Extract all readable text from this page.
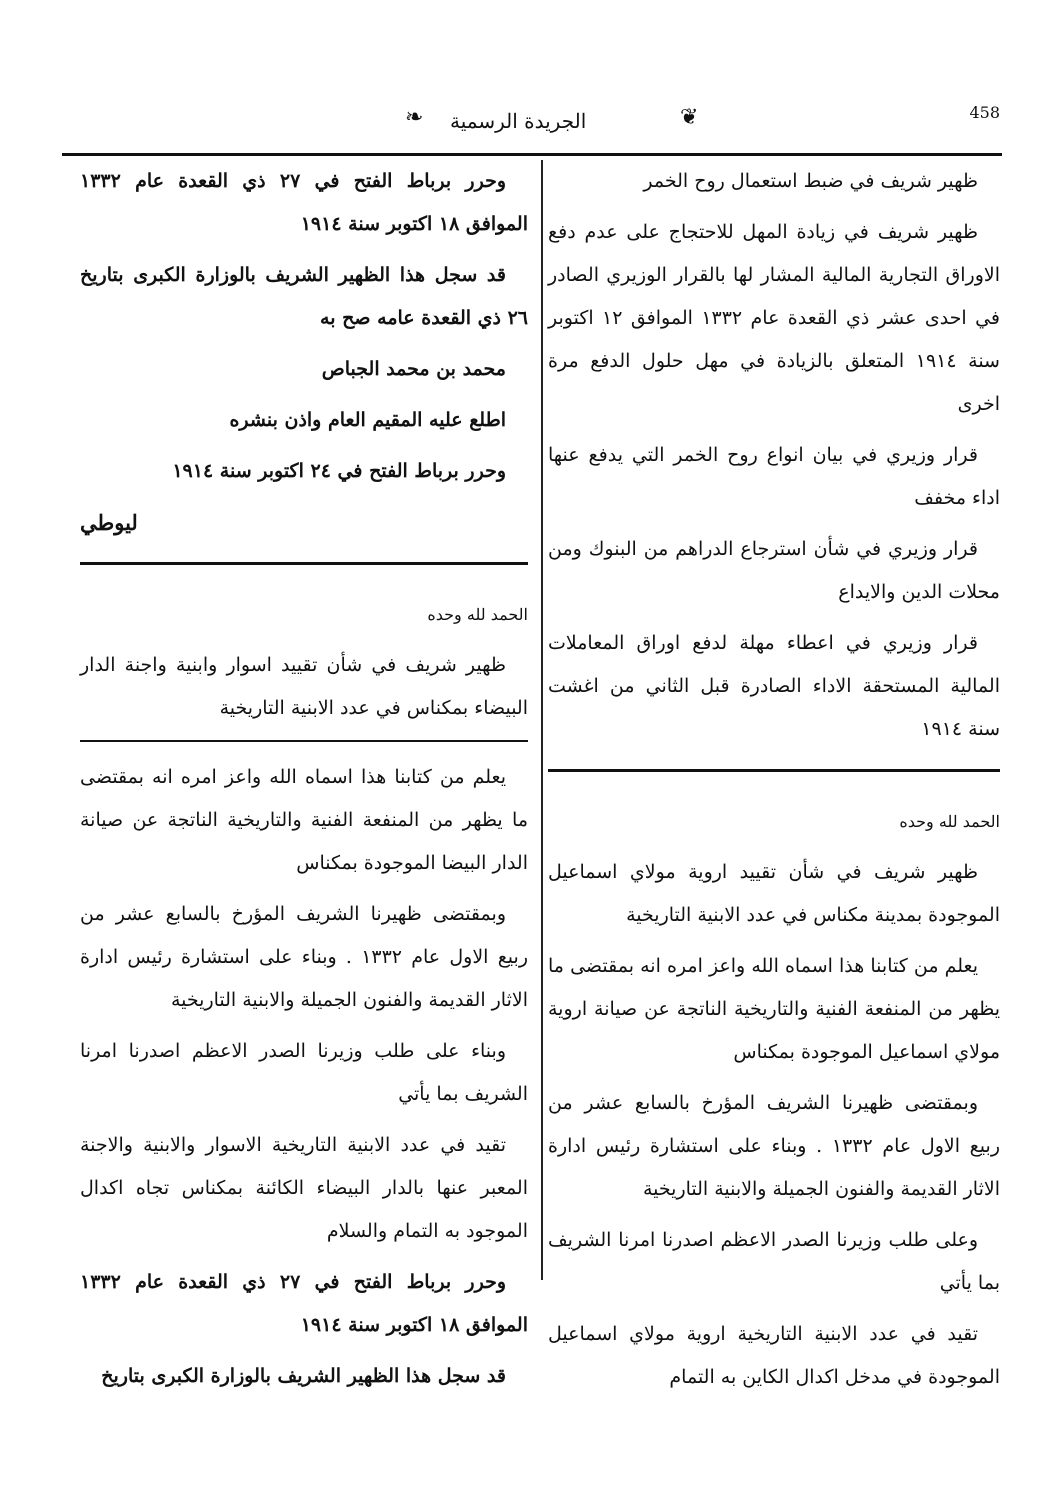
❧ الجريدة الرسمية	❦	458

ظهير شريف في ضبط استعمال روح الخمر

ظهير شريف في زيادة المهل للاحتجاج على عدم دفع الاوراق التجارية المالية المشار لها بالقرار الوزيري الصادر في احدى عشر ذي القعدة عام ١٣٣٢ الموافق ١٢ اكتوبر سنة ١٩١٤ المتعلق بالزيادة في مهل حلول الدفع مرة اخرى

قرار وزيري في بيان انواع روح الخمر التي يدفع عنها اداء مخفف

قرار وزيري في شأن استرجاع الدراهم من البنوك ومن محلات الدين والايداع

قرار وزيري في اعطاء مهلة لدفع اوراق المعاملات المالية المستحقة الاداء الصادرة قبل الثاني من اغشت سنة ١٩١٤

الحمد لله وحده

ظهير شريف في شأن تقييد اروية مولاي اسماعيل الموجودة بمدينة مكناس في عدد الابنية التاريخية

يعلم من كتابنا هذا اسماه الله واعز امره انه بمقتضى ما يظهر من المنفعة الفنية والتاريخية الناتجة عن صيانة اروية مولاي اسماعيل الموجودة بمكناس

وبمقتضى ظهيرنا الشريف المؤرخ بالسابع عشر من ربيع الاول عام ١٣٣٢ . وبناء على استشارة رئيس ادارة الاثار القديمة والفنون الجميلة والابنية التاريخية

وعلى طلب وزيرنا الصدر الاعظم اصدرنا امرنا الشريف بما يأتي

تقيد في عدد الابنية التاريخية اروية مولاي اسماعيل الموجودة في مدخل اكدال الكاين به التمام

وحرر برباط الفتح في ٢٧ ذي القعدة عام ١٣٣٢ الموافق ١٨ اكتوبر سنة ١٩١٤

قد سجل هذا الظهير الشريف بالوزارة الكبرى بتاريخ ٢٦ ذي القعدة عامه صح به

محمد بن محمد الجباص

اطلع عليه المقيم العام واذن بنشره

وحرر برباط الفتح في ٢٤ اكتوبر سنة ١٩١٤

ليوطي

الحمد لله وحده

ظهير شريف في شأن تقييد اسوار وابنية واجنة الدار البيضاء بمكناس في عدد الابنية التاريخية

يعلم من كتابنا هذا اسماه الله واعز امره انه بمقتضى ما يظهر من المنفعة الفنية والتاريخية الناتجة عن صيانة الدار البيضا الموجودة بمكناس

وبمقتضى ظهيرنا الشريف المؤرخ بالسابع عشر من ربيع الاول عام ١٣٣٢ . وبناء على استشارة رئيس ادارة الاثار القديمة والفنون الجميلة والابنية التاريخية

وبناء على طلب وزيرنا الصدر الاعظم اصدرنا امرنا الشريف بما يأتي

تقيد في عدد الابنية التاريخية الاسوار والابنية والاجنة المعبر عنها بالدار البيضاء الكائنة بمكناس تجاه اكدال الموجود به التمام والسلام

وحرر برباط الفتح في ٢٧ ذي القعدة عام ١٣٣٢ الموافق ١٨ اكتوبر سنة ١٩١٤

قد سجل هذا الظهير الشريف بالوزارة الكبرى بتاريخ
